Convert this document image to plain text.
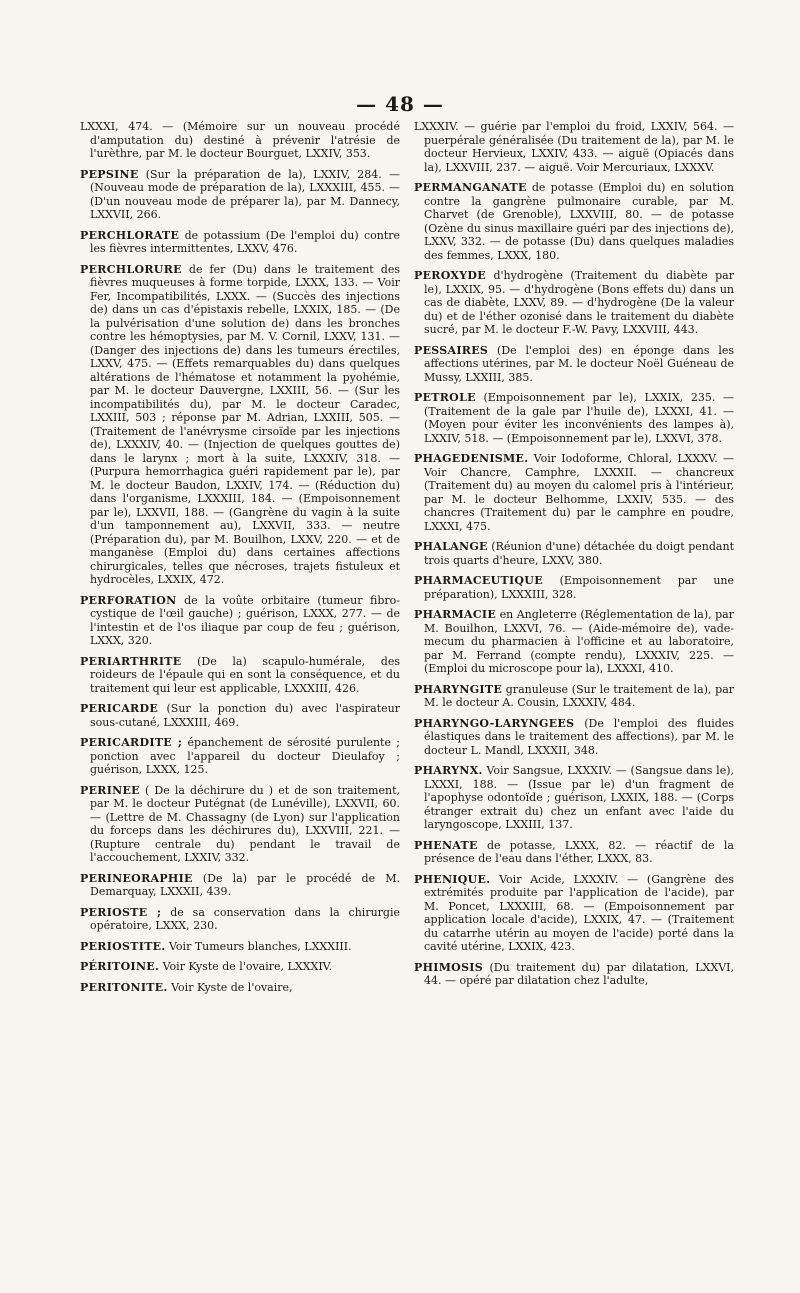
— 48 —

LXXXI, 474. — (Mémoire sur un nouveau procédé d'amputation du) destiné à prévenir l'atrésie de l'urèthre, par M. le docteur Bourguet, LXXIV, 353.

PEPSINE (Sur la préparation de la), LXXIV, 284. — (Nouveau mode de préparation de la), LXXXIII, 455. — (D'un nouveau mode de préparer la), par M. Dannecy, LXXVII, 266.

PERCHLORATE de potassium (De l'emploi du) contre les fièvres intermittentes, LXXV, 476.

PERCHLORURE de fer (Du) dans le traitement des fièvres muqueuses à forme torpide, LXXX, 133. — Voir Fer, Incompatibilités, LXXX. — (Succès des injections de) dans un cas d'épistaxis rebelle, LXXIX, 185. — (De la pulvérisation d'une solution de) dans les bronches contre les hémoptysies, par M. V. Cornil, LXXV, 131. — (Danger des injections de) dans les tumeurs érectiles, LXXV, 475. — (Effets remarquables du) dans quelques altérations de l'hématose et notamment la pyohémie, par M. le docteur Dauvergne, LXXIII, 56. — (Sur les incompatibilités du), par M. le docteur Caradec, LXXIII, 503 ; réponse par M. Adrian, LXXIII, 505. — (Traitement de l'anévrysme cirsoïde par les injections de), LXXXIV, 40. — (Injection de quelques gouttes de) dans le larynx ; mort à la suite, LXXXIV, 318. — (Purpura hemorrhagica guéri rapidement par le), par M. le docteur Baudon, LXXIV, 174. — (Réduction du) dans l'organisme, LXXXIII, 184. — (Empoisonnement par le), LXXVII, 188. — (Gangrène du vagin à la suite d'un tamponnement au), LXXVII, 333. — neutre (Préparation du), par M. Bouilhon, LXXV, 220. — et de manganèse (Emploi du) dans certaines affections chirurgicales, telles que nécroses, trajets fistuleux et hydrocèles, LXXIX, 472.

PERFORATION de la voûte orbitaire (tumeur fibro-cystique de l'œil gauche) ; guérison, LXXX, 277. — de l'intestin et de l'os iliaque par coup de feu ; guérison, LXXX, 320.

PERIARTHRITE (De la) scapulo-humérale, des roideurs de l'épaule qui en sont la conséquence, et du traitement qui leur est applicable, LXXXIII, 426.

PERICARDE (Sur la ponction du) avec l'aspirateur sous-cutané, LXXXIII, 469.

PERICARDITE ; épanchement de sérosité purulente ; ponction avec l'appareil du docteur Dieulafoy ; guérison, LXXX, 125.

PERINEE ( De la déchirure du ) et de son traitement, par M. le docteur Putégnat (de Lunéville), LXXVII, 60. — (Lettre de M. Chassagny (de Lyon) sur l'application du forceps dans les déchirures du), LXXVIII, 221. — (Rupture centrale du) pendant le travail de l'accouchement, LXXIV, 332.

PERINEORAPHIE (De la) par le procédé de M. Demarquay, LXXXII, 439.

PERIOSTE ; de sa conservation dans la chirurgie opératoire, LXXX, 230.

PERIOSTITE. Voir Tumeurs blanches, LXXXIII.

PÉRITOINE. Voir Kyste de l'ovaire, LXXXIV.

PERITONITE. Voir Kyste de l'ovaire,

LXXXIV. — guérie par l'emploi du froid, LXXIV, 564. — puerpérale généralisée (Du traitement de la), par M. le docteur Hervieux, LXXIV, 433. — aiguë (Opiacés dans la), LXXVIII, 237. — aiguë. Voir Mercuriaux, LXXXV.

PERMANGANATE de potasse (Emploi du) en solution contre la gangrène pulmonaire curable, par M. Charvet (de Grenoble), LXXVIII, 80. — de potasse (Ozène du sinus maxillaire guéri par des injections de), LXXV, 332. — de potasse (Du) dans quelques maladies des femmes, LXXX, 180.

PEROXYDE d'hydrogène (Traitement du diabète par le), LXXIX, 95. — d'hydrogène (Bons effets du) dans un cas de diabète, LXXV, 89. — d'hydrogène (De la valeur du) et de l'éther ozonisé dans le traitement du diabète sucré, par M. le docteur F.-W. Pavy, LXXVIII, 443.

PESSAIRES (De l'emploi des) en éponge dans les affections utérines, par M. le docteur Noël Guéneau de Mussy, LXXIII, 385.

PETROLE (Empoisonnement par le), LXXIX, 235. — (Traitement de la gale par l'huile de), LXXXI, 41. — (Moyen pour éviter les inconvénients des lampes à), LXXIV, 518. — (Empoisonnement par le), LXXVI, 378.

PHAGEDENISME. Voir Iodoforme, Chloral, LXXXV. — Voir Chancre, Camphre, LXXXII. — chancreux (Traitement du) au moyen du calomel pris à l'intérieur, par M. le docteur Belhomme, LXXIV, 535. — des chancres (Traitement du) par le camphre en poudre, LXXXI, 475.

PHALANGE (Réunion d'une) détachée du doigt pendant trois quarts d'heure, LXXV, 380.

PHARMACEUTIQUE (Empoisonnement par une préparation), LXXXIII, 328.

PHARMACIE en Angleterre (Réglementation de la), par M. Bouilhon, LXXVI, 76. — (Aide-mémoire de), vade-mecum du pharmacien à l'officine et au laboratoire, par M. Ferrand (compte rendu), LXXXIV, 225. — (Emploi du microscope pour la), LXXXI, 410.

PHARYNGITE granuleuse (Sur le traitement de la), par M. le docteur A. Cousin, LXXXIV, 484.

PHARYNGO-LARYNGEES (De l'emploi des fluides élastiques dans le traitement des affections), par M. le docteur L. Mandl, LXXXII, 348.

PHARYNX. Voir Sangsue, LXXXIV. — (Sangsue dans le), LXXXI, 188. — (Issue par le) d'un fragment de l'apophyse odontoïde ; guérison, LXXIX, 188. — (Corps étranger extrait du) chez un enfant avec l'aide du laryngoscope, LXXIII, 137.

PHENATE de potasse, LXXX, 82. — réactif de la présence de l'eau dans l'éther, LXXX, 83.

PHENIQUE. Voir Acide, LXXXIV. — (Gangrène des extrémités produite par l'application de l'acide), par M. Poncet, LXXXIII, 68. — (Empoisonnement par application locale d'acide), LXXIX, 47. — (Traitement du catarrhe utérin au moyen de l'acide) porté dans la cavité utérine, LXXIX, 423.

PHIMOSIS (Du traitement du) par dilatation, LXXVI, 44. — opéré par dilatation chez l'adulte,
